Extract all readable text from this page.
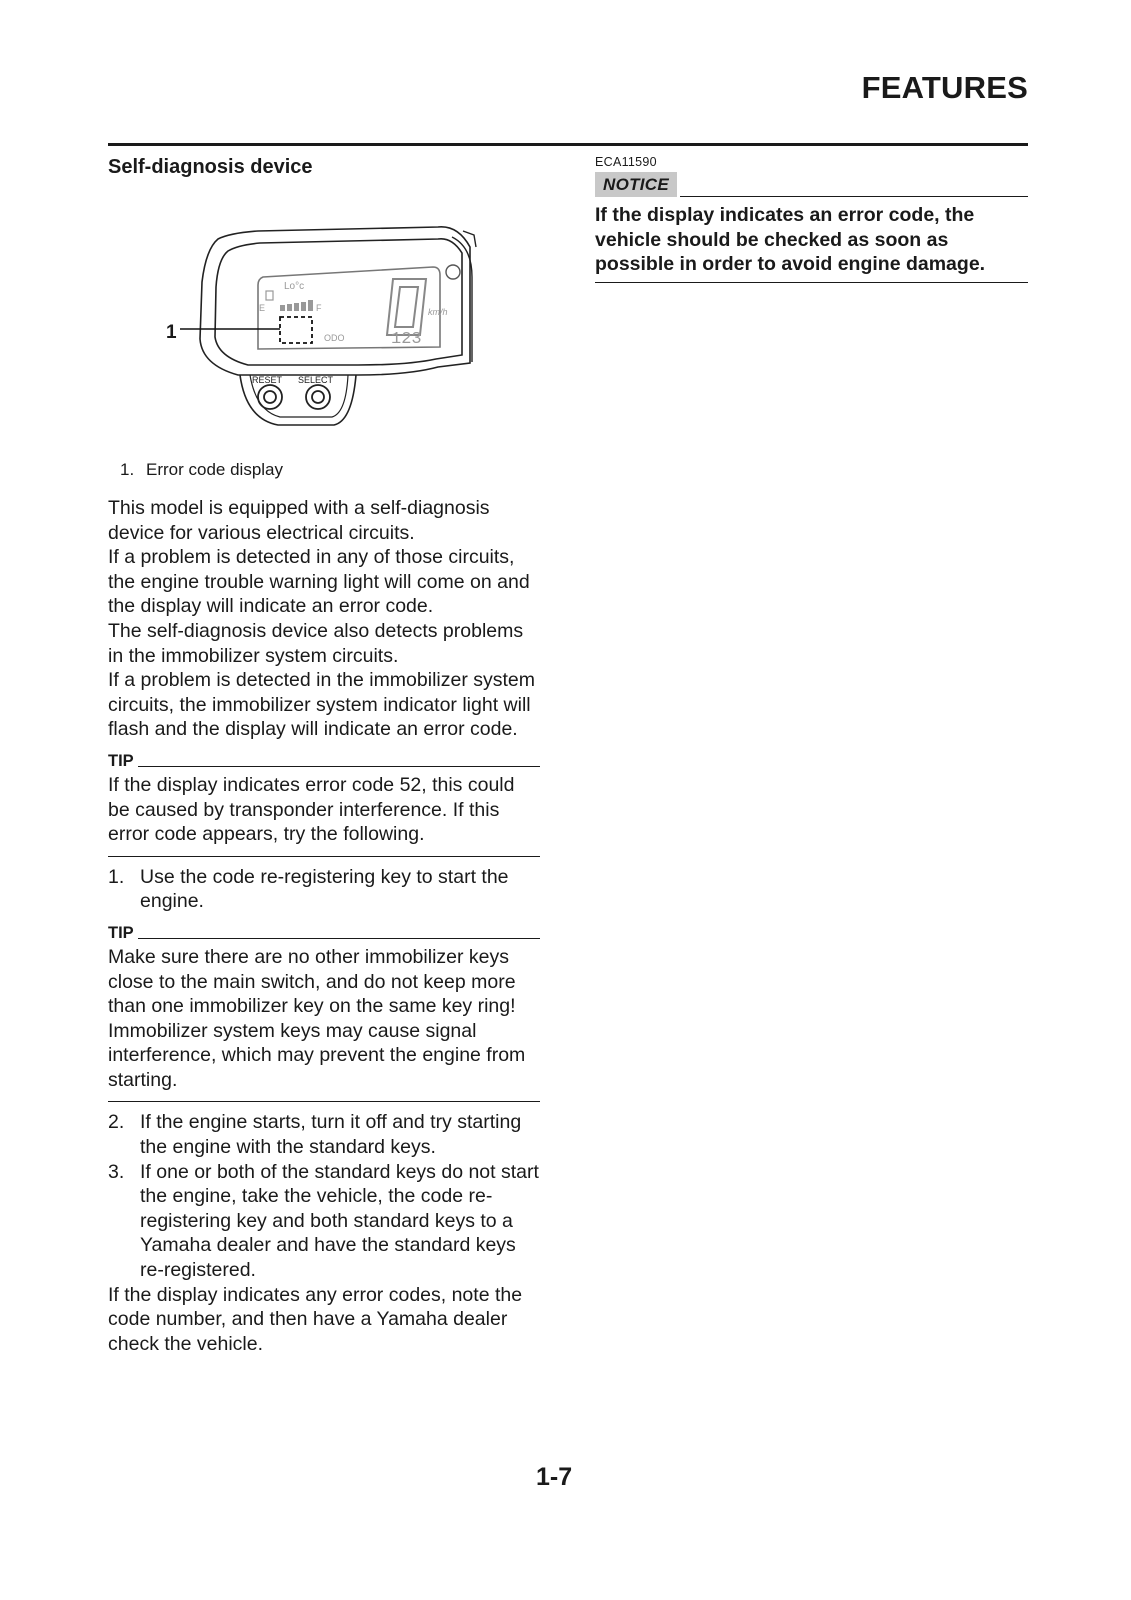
FEATURES
Self-diagnosis device
Lo°c
E	F
ODO
km/h
123
RESET SELECT
1
1. Error code display

This model is equipped with a self-diagnosis device for various electrical circuits.

If a problem is detected in any of those circuits, the engine trouble warning light will come on and the display will indicate an error code.

The self-diagnosis device also detects problems in the immobilizer system circuits.

If a problem is detected in the immobilizer system circuits, the immobilizer system indicator light will flash and the display will indicate an error code.

TIP
If the display indicates error code 52, this could be caused by transponder interference. If this error code appears, try the following.
1. Use the code re-registering key to start the engine.
TIP
Make sure there are no other immobilizer keys close to the main switch, and do not keep more than one immobilizer key on the same key ring! Immobilizer system keys may cause signal interference, which may prevent the engine from starting.
2. If the engine starts, turn it off and try starting the engine with the standard keys.
3. If one or both of the standard keys do not start the engine, take the vehicle, the code re-registering key and both standard keys to a Yamaha dealer and have the standard keys re-registered.

If the display indicates any error codes, note the code number, and then have a Yamaha dealer check the vehicle.

ECA11590
NOTICE
If the display indicates an error code, the vehicle should be checked as soon as possible in order to avoid engine damage.
1-7
